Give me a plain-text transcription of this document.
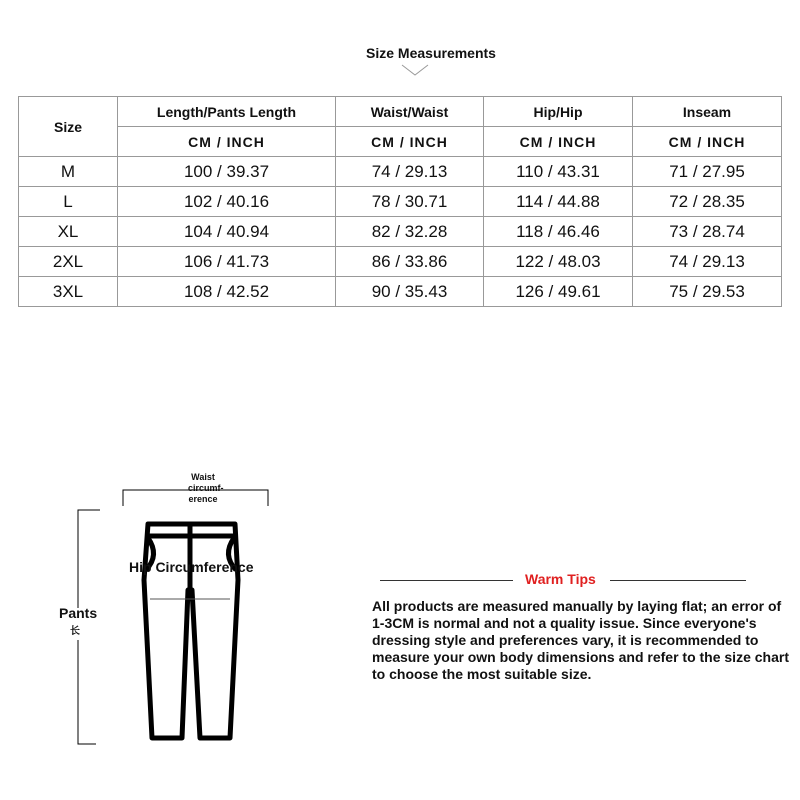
Size Measurements
Size	Length/Pants Length	Waist/Waist	Hip/Hip	Inseam
	CM / INCH	CM / INCH	CM / INCH	CM / INCH
M	100 / 39.37	74 / 29.13	110 / 43.31	71 / 27.95
L	102 / 40.16	78 / 30.71	114 / 44.88	72 / 28.35
XL	104 / 40.94	82 / 32.28	118 / 46.46	73 / 28.74
2XL	106 / 41.73	86 / 33.86	122 / 48.03	74 / 29.13
3XL	108 / 42.52	90 / 35.43	126 / 49.61	75 / 29.53
Waist circumf-erence
Hip Circumference
Pants
长
Warm Tips
All products are measured manually by laying flat; an error of 1-3CM is normal and not a quality issue. Since everyone's dressing style and preferences vary, it is recommended to measure your own body dimensions and refer to the size chart to choose the most suitable size.
